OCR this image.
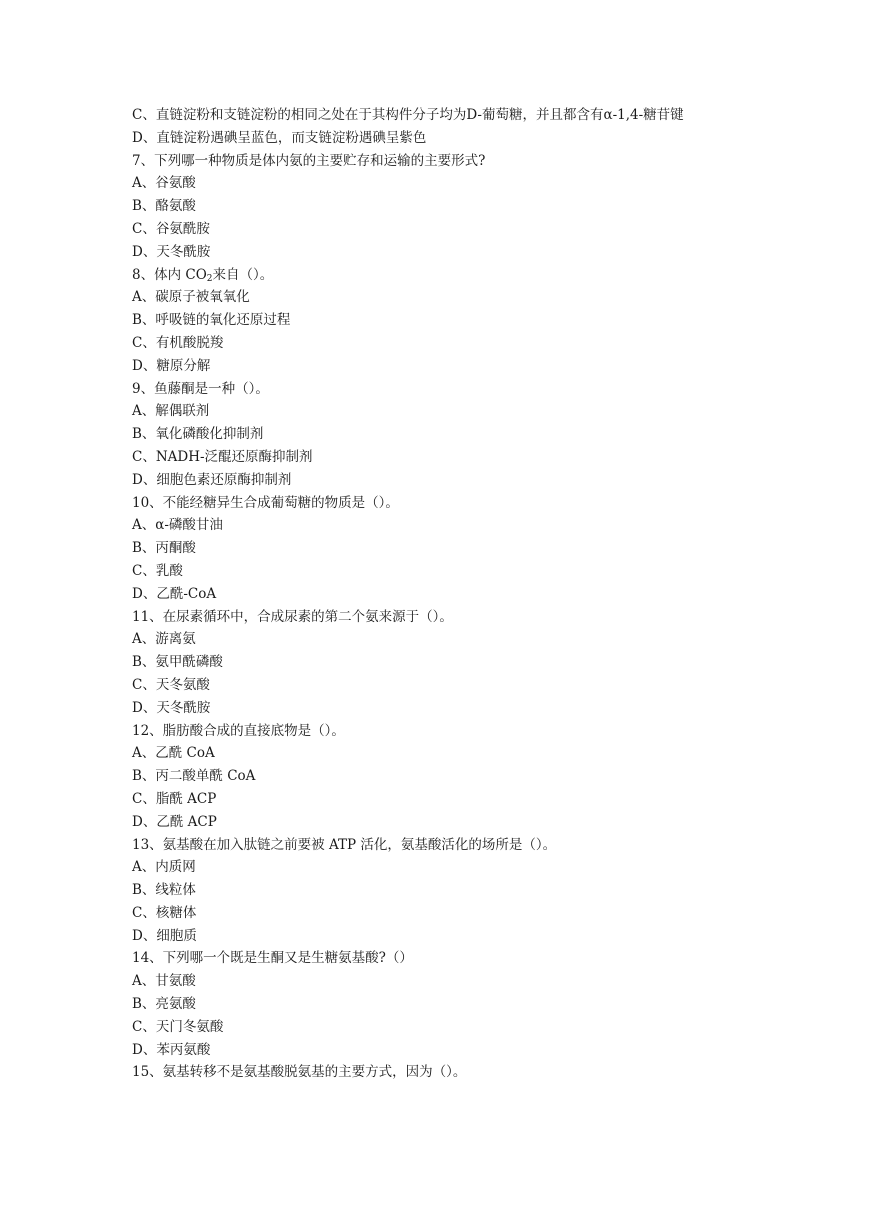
C、直链淀粉和支链淀粉的相同之处在于其构件分子均为D-葡萄糖，并且都含有α-1,4-糖苷键
D、直链淀粉遇碘呈蓝色，而支链淀粉遇碘呈紫色
7、下列哪一种物质是体内氨的主要贮存和运输的主要形式?
A、谷氨酸
B、酪氨酸
C、谷氨酰胺
D、天冬酰胺
8、体内 $CO_2$来自（）。
A、碳原子被氧氧化
B、呼吸链的氧化还原过程
C、有机酸脱羧
D、糖原分解
9、鱼藤酮是一种（）。
A、解偶联剂
B、氧化磷酸化抑制剂
C、NADH-泛醌还原酶抑制剂
D、细胞色素还原酶抑制剂
10、不能经糖异生合成葡萄糖的物质是（）。
A、α-磷酸甘油
B、丙酮酸
C、乳酸
D、乙酰-CoA
11、在尿素循环中，合成尿素的第二个氨来源于（）。
A、游离氨
B、氨甲酰磷酸
C、天冬氨酸
D、天冬酰胺
12、脂肪酸合成的直接底物是（）。
A、乙酰 CoA
B、丙二酸单酰 CoA
C、脂酰 ACP
D、乙酰 ACP
13、氨基酸在加入肽链之前要被 ATP 活化，氨基酸活化的场所是（）。
A、内质网
B、线粒体
C、核糖体
D、细胞质
14、下列哪一个既是生酮又是生糖氨基酸?（）
A、甘氨酸
B、亮氨酸
C、天门冬氨酸
D、苯丙氨酸
15、氨基转移不是氨基酸脱氨基的主要方式，因为（）。
